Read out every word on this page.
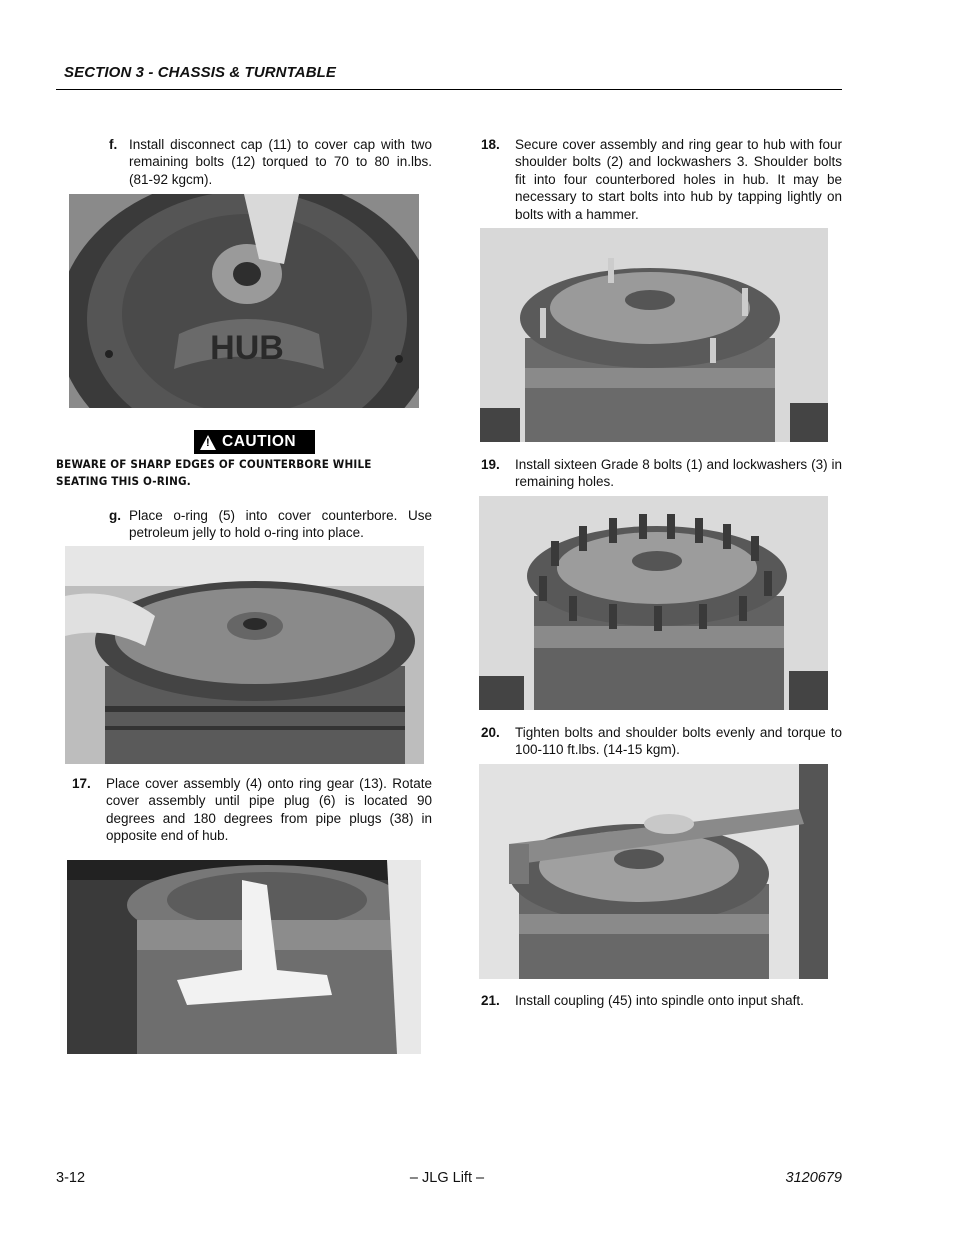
SECTION 3 - CHASSIS & TURNTABLE
f. Install disconnect cap (11) to cover cap with two remaining bolts (12) torqued to 70 to 80 in.lbs. (81-92 kgcm).
HUB
! CAUTION
BEWARE OF SHARP EDGES OF COUNTERBORE WHILE SEATING THIS O-RING.
g. Place o-ring (5) into cover counterbore. Use petroleum jelly to hold o-ring into place.
17.	Place cover assembly (4) onto ring gear (13). Rotate cover assembly until pipe plug (6) is located 90 degrees and 180 degrees from pipe plugs (38) in opposite end of hub.
18.	Secure cover assembly and ring gear to hub with four shoulder bolts (2) and lockwashers 3. Shoulder bolts fit into four counterbored holes in hub. It may be necessary to start bolts into hub by tapping lightly on bolts with a hammer.
19.	Install sixteen Grade 8 bolts (1) and lockwashers (3) in remaining holes.
20.	Tighten bolts and shoulder bolts evenly and torque to 100-110 ft.lbs. (14-15 kgm).
21.	Install coupling (45) into spindle onto input shaft.
3-12	– JLG Lift –	3120679
